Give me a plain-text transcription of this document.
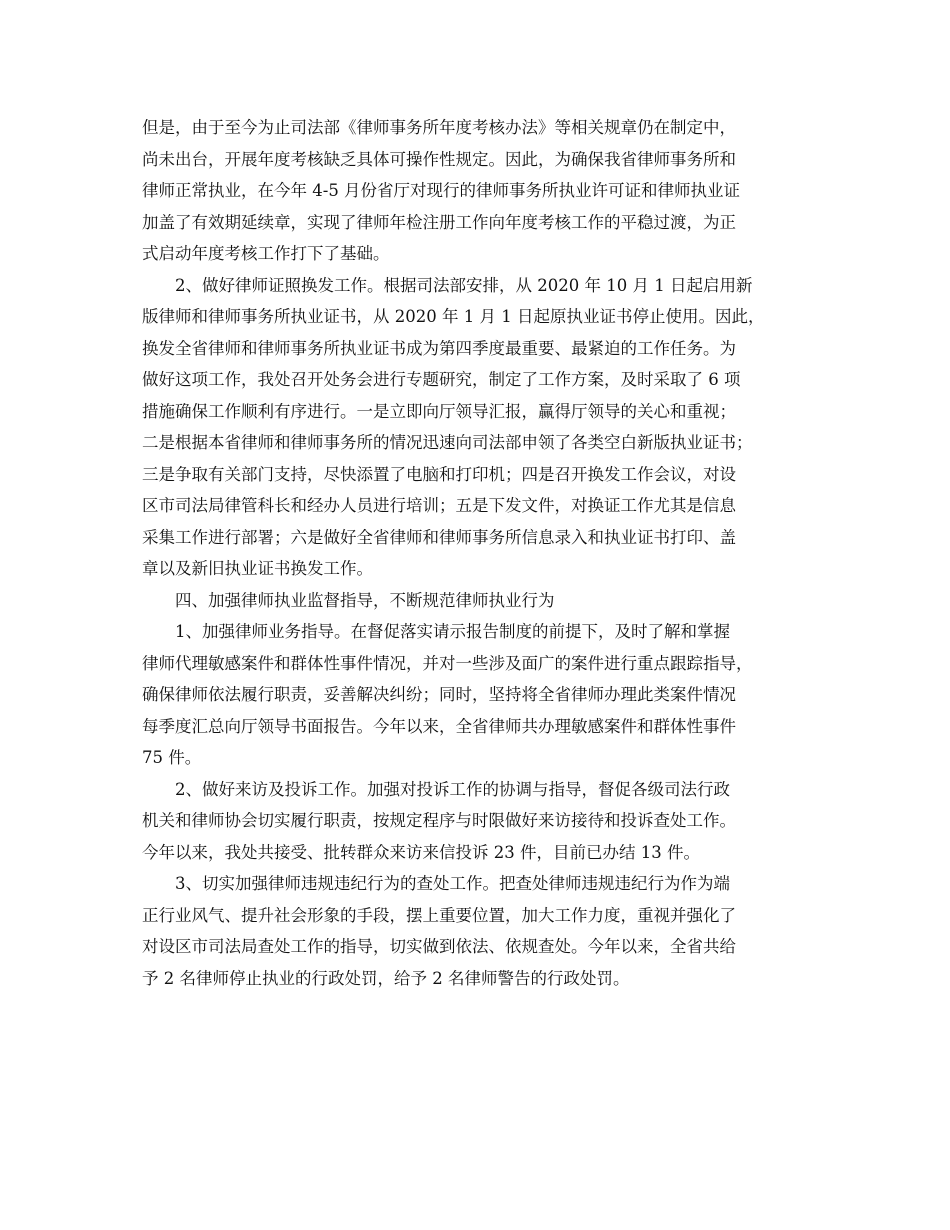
但是，由于至今为止司法部《律师事务所年度考核办法》等相关规章仍在制定中，
尚未出台，开展年度考核缺乏具体可操作性规定。因此，为确保我省律师事务所和
律师正常执业，在今年 4-5 月份省厅对现行的律师事务所执业许可证和律师执业证
加盖了有效期延续章，实现了律师年检注册工作向年度考核工作的平稳过渡，为正
式启动年度考核工作打下了基础。
2、做好律师证照换发工作。根据司法部安排，从 2020 年 10 月 1 日起启用新
版律师和律师事务所执业证书，从 2020 年 1 月 1 日起原执业证书停止使用。因此，
换发全省律师和律师事务所执业证书成为第四季度最重要、最紧迫的工作任务。为
做好这项工作，我处召开处务会进行专题研究，制定了工作方案，及时采取了 6 项
措施确保工作顺利有序进行。一是立即向厅领导汇报，赢得厅领导的关心和重视；
二是根据本省律师和律师事务所的情况迅速向司法部申领了各类空白新版执业证书；
三是争取有关部门支持，尽快添置了电脑和打印机；四是召开换发工作会议，对设
区市司法局律管科长和经办人员进行培训；五是下发文件，对换证工作尤其是信息
采集工作进行部署；六是做好全省律师和律师事务所信息录入和执业证书打印、盖
章以及新旧执业证书换发工作。
四、加强律师执业监督指导，不断规范律师执业行为
1、加强律师业务指导。在督促落实请示报告制度的前提下，及时了解和掌握
律师代理敏感案件和群体性事件情况，并对一些涉及面广的案件进行重点跟踪指导，
确保律师依法履行职责，妥善解决纠纷；同时，坚持将全省律师办理此类案件情况
每季度汇总向厅领导书面报告。今年以来，全省律师共办理敏感案件和群体性事件
75 件。
2、做好来访及投诉工作。加强对投诉工作的协调与指导，督促各级司法行政
机关和律师协会切实履行职责，按规定程序与时限做好来访接待和投诉查处工作。
今年以来，我处共接受、批转群众来访来信投诉 23 件，目前已办结 13 件。
3、切实加强律师违规违纪行为的查处工作。把查处律师违规违纪行为作为端
正行业风气、提升社会形象的手段，摆上重要位置，加大工作力度，重视并强化了
对设区市司法局查处工作的指导，切实做到依法、依规查处。今年以来，全省共给
予 2 名律师停止执业的行政处罚，给予 2 名律师警告的行政处罚。
